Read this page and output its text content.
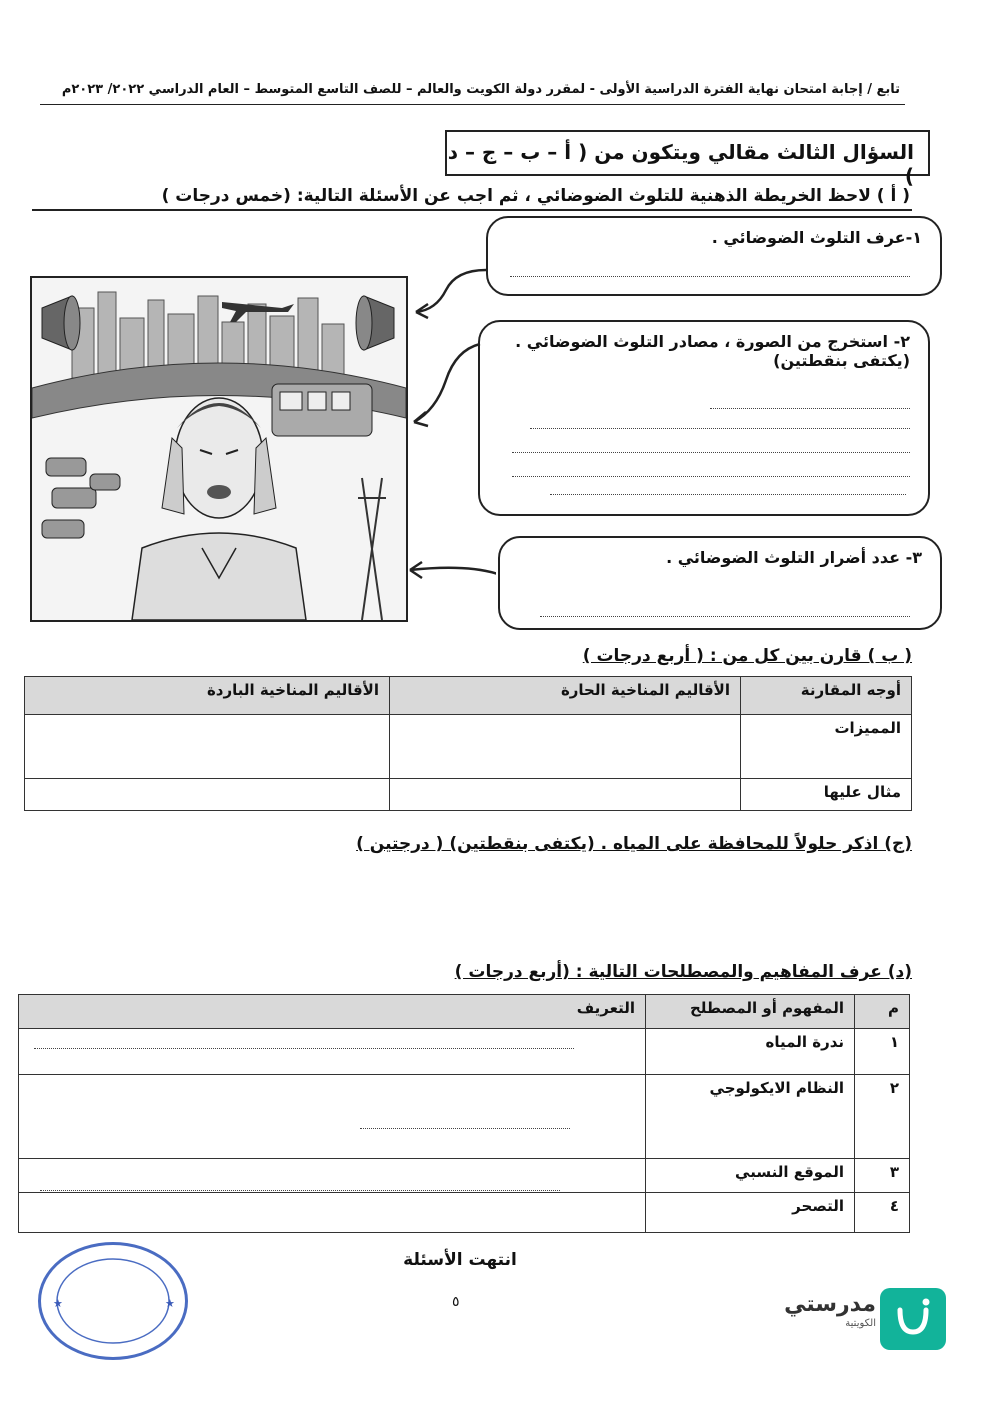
تابع / إجابة امتحان نهاية الفترة الدراسية الأولى - لمقرر دولة الكويت والعالم – للصف التاسع المتوسط – العام الدراسي ٢٠٢٢/ ٢٠٢٣م
السؤال الثالث مقالي ويتكون من ( أ – ب – ج – د )
( أ ) لاحظ الخريطة الذهنية للتلوث الضوضائي ، ثم اجب عن الأسئلة التالية: (خمس درجات )
١-عرف التلوث الضوضائي .
٢- استخرج من الصورة ، مصادر التلوث الضوضائي .
(يكتفى بنقطتين)
٣- عدد أضرار التلوث الضوضائي .
( ب ) قارن بين كل من : ( أربع درجات )
أوجه المقارنة	الأقاليم المناخية الحارة	الأقاليم المناخية الباردة
المميزات		
مثال عليها		
(ج) اذكر حلولاً للمحافظة على المياه . (يكتفى بنقطتين) ( درجتين )
(د) عرف المفاهيم والمصطلحات التالية : (أربع درجات )
م	المفهوم أو المصطلح	التعريف
١	ندرة المياه	
٢	النظام الايكولوجي	
٣	الموقع النسبي	
٤	التصحر	
انتهت الأسئلة
٥
★	★	مدرستي
الكويتية
